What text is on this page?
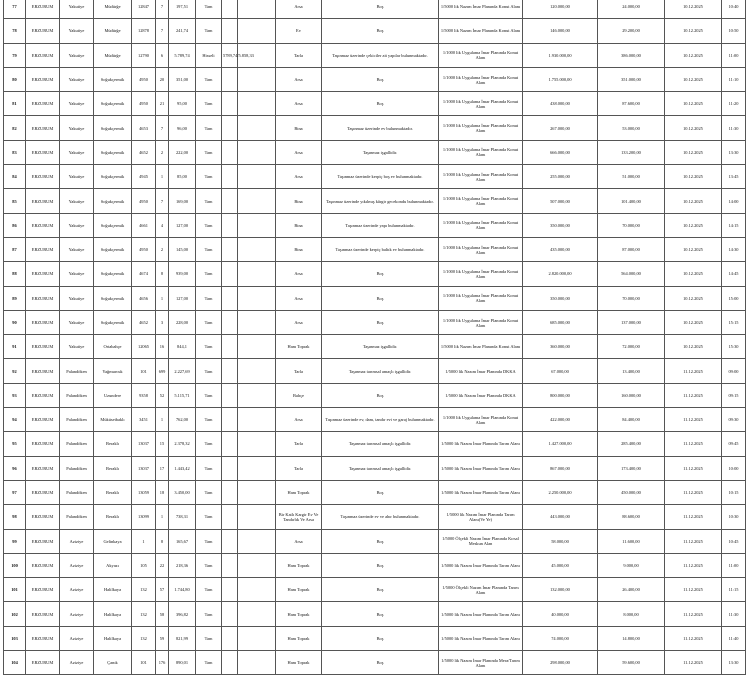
77	ERZURUM	Yakutiye	Müdürğe	12847	7	197,51	Tam			Arsa	Boş	1/5000 lik Nazım İmar Planında Konut Alanı	120.000,00	24.000,00	10.12.2025	10:40
78	ERZURUM	Yakutiye	Müdürğe	12878	7	241,74	Tam			Ev	Boş	1/5000 lik Nazım İmar Planında Konut Alanı	146.000,00	29.200,00	10.12.2025	10:50
79	ERZURUM	Yakutiye	Müdürğe	12790	6	5.789,74	Hisseli	5789,74/5.858,33		Tarla	Taşınmaz üzerinde çekiciler ait yapılar bulunmaktadır.	1/1000 lik Uygulama İmar Planında Konut Alanı	1.930.000,00	386.000,00	10.12.2025	11:00
80	ERZURUM	Yakutiye	Soğukçermik	4950	20	351,00	Tam			Arsa	Boş	1/1000 lik Uygulama İmar Planında Konut Alanı	1.755.000,00	351.000,00	10.12.2025	11:10
81	ERZURUM	Yakutiye	Soğukçermik	4950	21	95,00	Tam			Arsa	Boş	1/1000 lik Uygulama İmar Planında Konut Alanı	438.000,00	87.600,00	10.12.2025	11:20
82	ERZURUM	Yakutiye	Soğukçermik	4653	7	96,00	Tam			Bina	Taşınmaz üzerinde ev bulunmaktadır.	1/1000 lik Uygulama İmar Planında Konut Alanı	267.000,00	53.000,00	10.12.2025	11:30
83	ERZURUM	Yakutiye	Soğukçermik	4652	2	222,00	Tam			Arsa	Taşınmaz işgallidir.	1/1000 lik Uygulama İmar Planında Konut Alanı	666.000,00	133.200,00	10.12.2025	13:30
84	ERZURUM	Yakutiye	Soğukçermik	4945	1	85,00	Tam			Arsa	Taşınmaz üzerinde kerpiç boş ev bulunmaktadır.	1/1000 lik Uygulama İmar Planında Konut Alanı	255.000,00	51.000,00	10.12.2025	13:45
85	ERZURUM	Yakutiye	Soğukçermik	4950	7	169,00	Tam			Bina	Taşınmaz üzerinde yıkılmış kârgir gecekondu bulunmaktadır.	1/1000 lik Uygulama İmar Planında Konut Alanı	507.000,00	101.400,00	10.12.2025	14:00
86	ERZURUM	Yakutiye	Soğukçermik	4661	4	127,00	Tam			Bina	Taşınmaz üzerinde yapı bulunmaktadır.	1/1000 lik Uygulama İmar Planında Konut Alanı	350.000,00	70.000,00	10.12.2025	14:15
87	ERZURUM	Yakutiye	Soğukçermik	4950	2	145,00	Tam			Bina	Taşınmaz üzerinde kerpiç baltık ev bulunmaktadır.	1/1000 lik Uygulama İmar Planında Konut Alanı	435.000,00	87.000,00	10.12.2025	14:30
88	ERZURUM	Yakutiye	Soğukçermik	4674	8	939,00	Tam			Arsa	Boş	1/1000 lik Uygulama İmar Planında Konut Alanı	2.820.000,00	564.000,00	10.12.2025	14:45
89	ERZURUM	Yakutiye	Soğukçermik	4656	1	127,00	Tam			Arsa	Boş	1/1000 lik Uygulama İmar Planında Konut Alanı	350.000,00	70.000,00	10.12.2025	15:00
90	ERZURUM	Yakutiye	Soğukçermik	4652	3	228,00	Tam			Arsa	Boş	1/1000 lik Uygulama İmar Planında Konut Alanı	685.000,00	137.000,00	10.12.2025	15:15
91	ERZURUM	Yakutiye	Ortabahçe	12065	16	844,1	Tam			Ham Toprak	Taşınmaz işgallidir.	1/5000 lik Nazım İmar Planında Konut Alanı	360.000,00	72.000,00	10.12.2025	15:30
92	ERZURUM	Palandöken	Yağmurcuk	101	699	2.227,69	Tam			Tarla	Taşınmaz tarımsal amaçlı işgallidir.	1/5000 lik Nazım İmar Planında DKKA	67.000,00	13.400,00	11.12.2025	09:00
93	ERZURUM	Palandöken	Uzundere	9358	52	5.115,71	Tam			Bahçe	Boş	1/5000 lik Nazım İmar Planında DKKA	800.000,00	160.000,00	11.12.2025	09:15
94	ERZURUM	Palandöken	Müküsetbaklı	3451	1	762,00	Tam			Arsa	Taşınmaz üzerinde ev, dam, tandır evi ve garaj bulunmaktadır.	1/1000 lik Uygulama İmar Planında Konut Alanı	422.000,00	84.400,00	11.12.2025	09:30
95	ERZURUM	Palandöken	Beraklı	13037	15	2.378,32	Tam			Tarla	Taşınmaz tarımsal amaçlı işgallidir.	1/5000 lik Nazım İmar Planında Tarım Alanı	1.427.000,00	285.400,00	11.12.2025	09:45
96	ERZURUM	Palandöken	Beraklı	13037	17	1.443,42	Tam			Tarla	Taşınmaz tarımsal amaçlı işgallidir.	1/5000 lik Nazım İmar Planında Tarım Alanı	867.000,00	173.400,00	11.12.2025	10:00
97	ERZURUM	Palandöken	Beraklı	13059	18	3.450,00	Tam			Ham Toprak	Boş	1/5000 lik Nazım İmar Planında Tarım Alanı	2.250.000,00	450.000,00	11.12.2025	10:15
98	ERZURUM	Palandöken	Beraklı	13099	1	738,31	Tam			Bir Katlı Kargir Ev Ve Tandırlık Ve Arsa	Taşınmaz üzerinde ev ve ahır bulunmaktadır.	1/5000 lik Nazım İmar Planında Tarım Alanı(Ve Ye)	443.000,00	88.600,00	11.12.2025	10:30
99	ERZURUM	Aziziye	Gelinkaya	1	8	165,67	Tam			Arsa	Boş	1/5000 Ölçekli Nazım İmar Planında Kırsal Meskun Alan	58.000,00	11.600,00	11.12.2025	10:45
100	ERZURUM	Aziziye	Akyazı	105	22	218,36	Tam			Ham Toprak	Boş	1/5000 lik Nazım İmar Planında Tarım Alanı	45.000,00	9.000,00	11.12.2025	11:00
101	ERZURUM	Aziziye	Halilkaya	132	57	1.744,80	Tam			Ham Toprak	Boş	1/5000 Ölçekli Nazım İmar Planında Tarım Alanı	132.000,00	26.400,00	11.12.2025	11:15
102	ERZURUM	Aziziye	Halilkaya	132	58	396,82	Tam			Ham Toprak	Boş	1/5000 lik Nazım İmar Planında Tarım Alanı	40.000,00	8.000,00	11.12.2025	11:30
103	ERZURUM	Aziziye	Halilkaya	132	59	821,99	Tam			Ham Toprak	Boş	1/5000 lik Nazım İmar Planında Tarım Alanı	74.000,00	14.800,00	11.12.2025	11:40
104	ERZURUM	Aziziye	Çanık	101	176	890,01	Tam			Ham Toprak	Boş	1/5000 lik Nazım İmar Planında Mera/Tarım Alanı	298.000,00	59.600,00	11.12.2025	13:30
